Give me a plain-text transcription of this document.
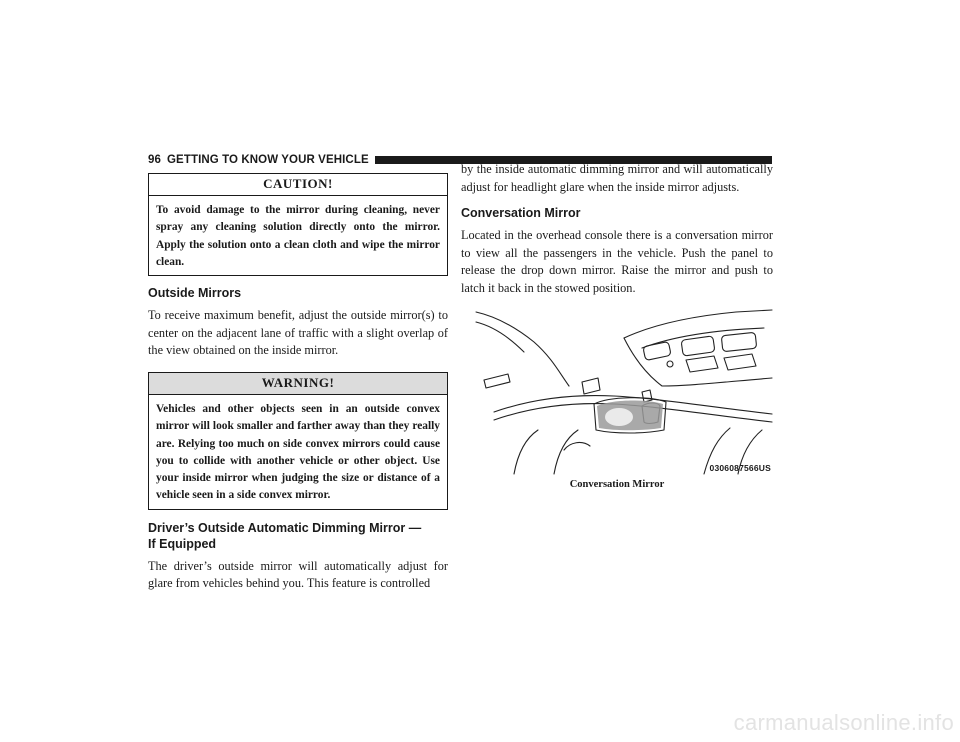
96 GETTING TO KNOW YOUR VEHICLE
CAUTION!
To avoid damage to the mirror during cleaning, never spray any cleaning solution directly onto the mirror. Apply the solution onto a clean cloth and wipe the mirror clean.
Outside Mirrors
To receive maximum benefit, adjust the outside mirror(s) to center on the adjacent lane of traffic with a slight overlap of the view obtained on the inside mirror.
WARNING!
Vehicles and other objects seen in an outside convex mirror will look smaller and farther away than they really are. Relying too much on side convex mirrors could cause you to collide with another vehicle or other object. Use your inside mirror when judging the size or distance of a vehicle seen in a side convex mirror.
Driver’s Outside Automatic Dimming Mirror —
If Equipped
The driver’s outside mirror will automatically adjust for glare from vehicles behind you. This feature is controlled
by the inside automatic dimming mirror and will automatically adjust for headlight glare when the inside mirror adjusts.
Conversation Mirror
Located in the overhead console there is a conversation mirror to view all the passengers in the vehicle. Push the panel to release the drop down mirror. Raise the mirror and push to latch it back in the stowed position.
0306087566US
Conversation Mirror
carmanualsonline.info
